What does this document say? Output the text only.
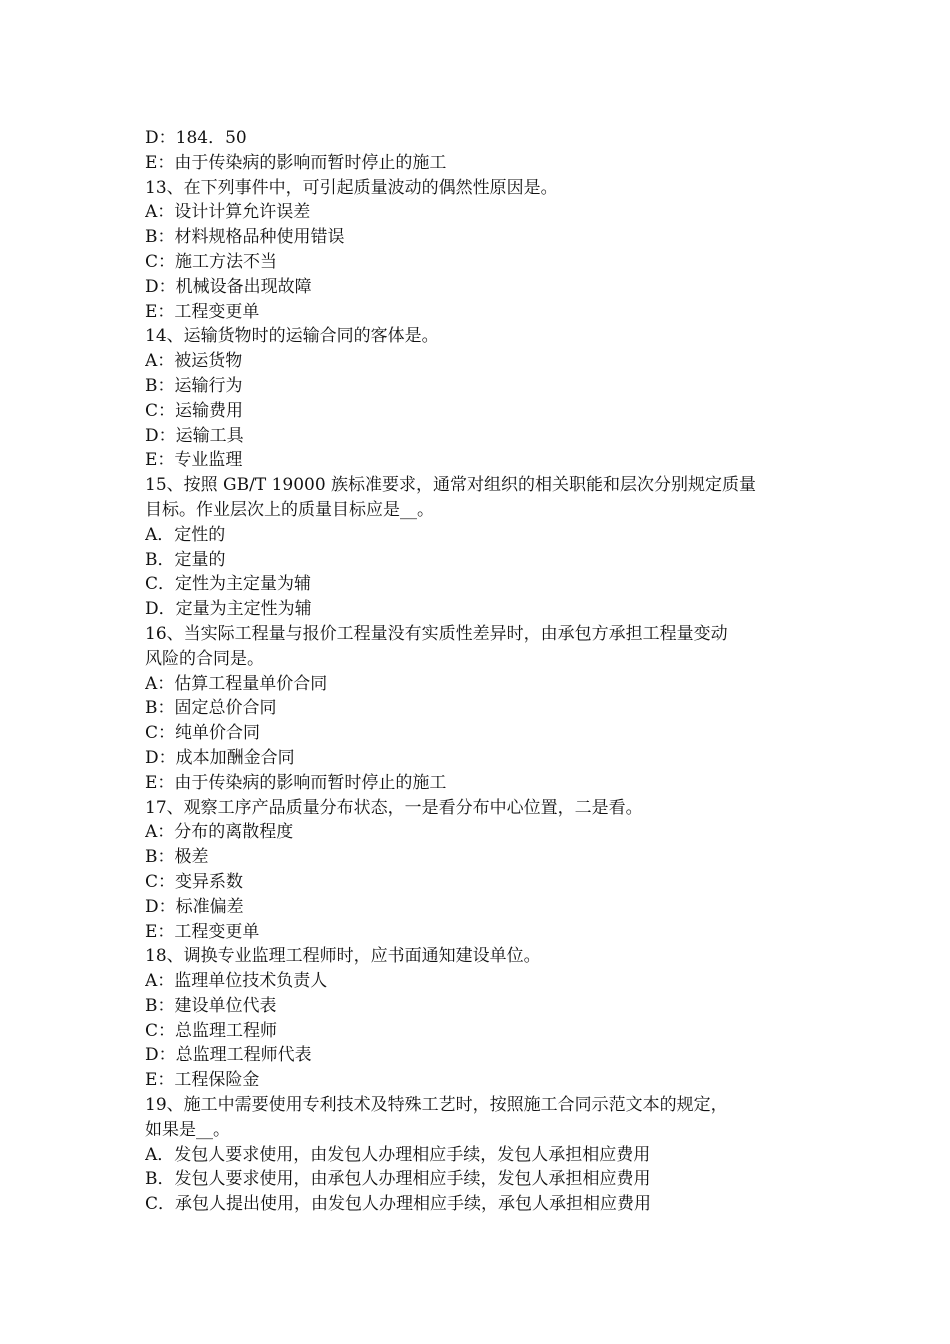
D：184．50

E：由于传染病的影响而暂时停止的施工

13、在下列事件中，可引起质量波动的偶然性原因是。

A：设计计算允许误差

B：材料规格品种使用错误

C：施工方法不当

D：机械设备出现故障

E：工程变更单

14、运输货物时的运输合同的客体是。

A：被运货物

B：运输行为

C：运输费用

D：运输工具

E：专业监理

15、按照 GB/T 19000 族标准要求，通常对组织的相关职能和层次分别规定质量

目标。作业层次上的质量目标应是__。

A．定性的

B．定量的

C．定性为主定量为辅

D．定量为主定性为辅

16、当实际工程量与报价工程量没有实质性差异时，由承包方承担工程量变动

风险的合同是。

A：估算工程量单价合同

B：固定总价合同

C：纯单价合同

D：成本加酬金合同

E：由于传染病的影响而暂时停止的施工

17、观察工序产品质量分布状态，一是看分布中心位置，二是看。

A：分布的离散程度

B：极差

C：变异系数

D：标准偏差

E：工程变更单

18、调换专业监理工程师时，应书面通知建设单位。

A：监理单位技术负责人

B：建设单位代表

C：总监理工程师

D：总监理工程师代表

E：工程保险金

19、施工中需要使用专利技术及特殊工艺时，按照施工合同示范文本的规定，

如果是__。

A．发包人要求使用，由发包人办理相应手续，发包人承担相应费用

B．发包人要求使用，由承包人办理相应手续，发包人承担相应费用

C．承包人提出使用，由发包人办理相应手续，承包人承担相应费用
